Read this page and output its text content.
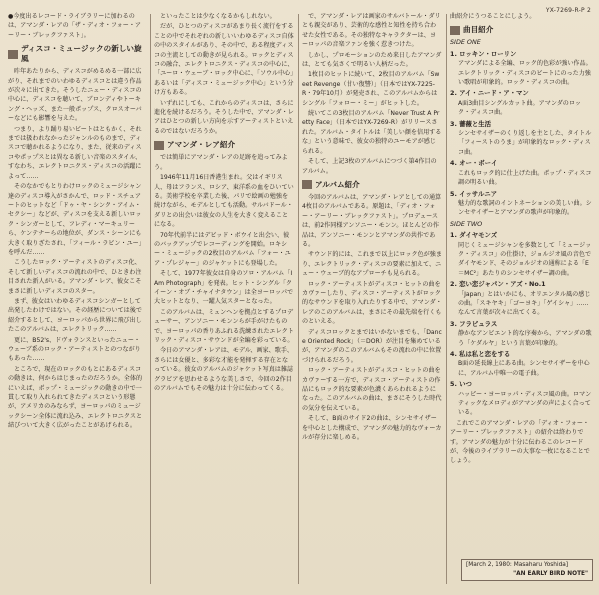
YX-7269-R-P 2

●今度出るレコード・ライブラリーに加わるのは、アマンダ・レアの「ザ・ディオ・フォー・アーリー・ブレックファスト」。

ディスコ・ミュージックの新しい旋風

昨年あたりから、ディスコがめるめる一部に広がり、それまでのいわゆるディスコとは違う作品が次々に出てきた。そうしたニュー・ディスコの中心に、ディスコを聴いて、ブロンディやトーキング・ヘッズ、また一般ポップス、クロスオーバーなどにも影響を与えた。

つまり、より踊り易いビートはともかく、それまでは扱われなかったジャンルのものまで、ディスコで聴かれるようになり、また、従来のディスコやポップスとは異なる新しい音楽のスタイル、すなわち、エレクトロニクス・ディスコの活躍によって……

そのなかでもとりわけロックのミュージシャン達のディスコ導入がさかんで、ロッド・スチュアートのヒットなど「ドゥ・ヤ・シンク・アイム・セクシー」などが、ディスコを支える新しいロック・シンガーとして、フレディ・マーキュリーら、ケンテナーらの地位が、ダンス・シーンにも大きく取りざたされ、「フィール・ラビン・ユー」を呼んだ……

こうしたロック・アーティストのディスコ化、そして新しいディスコの流れの中で、ひときわ注目された新人がいる。アマンダ・レア、彼女こそまさに新しいディスコのスター。

まず、彼女はいわゆるディスコシンガーとして出発したわけではない。その経歴については後で紹介するとして、ヨーロッパから世界に飛び出したこのアルバムは、エレクトリック……

更に、B52's、ドヴォランスといったニュー・ウェーブ系のロック・アーティストとのつながりもあった……

ところで、現在のロックのもとにあるディスコの動きは、何からはじまったのだろうか。全体的にいえば、ポップ・ミュージックの動きの中で一貫して取り入れられてきたディスコという形態が、アメリカのみならず、ヨーロッパのミュージックシーン全体に流れ込み、エレクトロニクスと結びついて大きく広がったことがあげられる。

といったことは少なくなるかもしれない。

だが、ひとつのディスコがあまり長く流行をすることの中でそれぞれの新しいいわゆるディスコ自体の中のスタイルがあり、その中で、ある程度ディスコの主流としての動きが見られる。ロックとディスコの融合、エレクトロニクス・ディスコの中心に、「ユーロ・ウェーブ・ロック中心に、「ソウル中心」あるいは「ディスコ・ミュージック中心」という分け方もある。

いずれにしても、これからのディスコは、さらに進化を続けるだろう。そうした中で、アマンダ・レアはひとつの新しい方向を示すアーティストといえるのではないだろうか。

アマンダ・レア紹介

では簡単にアマンダ・レアの足跡を追ってみよう。

1946年11月16日香港生まれ。父はイギリス人、母はフランス、ロシア、東洋系の血をひいている。美術学校を卒業した後、パリで絵画の勉強を続けながら、モデルとしても活動。サルバドール・ダリとの出会いは彼女の人生を大きく変えることになる。

70年代前半にはデビッド・ボウイと出会い、彼のバックアップでレコーディングを開始。ロキシー・ミュージックの2枚目のアルバム「フォー・ユア・プレジャー」のジャケットにも登場した。

そして、1977年彼女は自身のソロ・アルバム「I Am Photograph」を発表。ヒット・シングル「クイーン・オブ・チャイナタウン」は全ヨーロッパで大ヒットとなり、一躍人気スターとなった。

このアルバムは、ミュンヘンを拠点とするプロデューサー、アンソニー・モンンらが手がけたもので、ヨーロッパの香りあふれる洗練されたエレクトリック・ディスコ・サウンドが全編を彩っている。

今日のアマンダ・レアは、モデル、画家、歌手、さらには女優と、多彩な才能を発揮する存在となっている。彼女のアルバムのジャケット写真は雑誌グラビアを思わせるような美しさで、今回の2作目のアルバムでもその魅力は十分に伝わってくる。

で、アマンダ・レアは画家のサルバトール・ダリとも親交があり、芸術的な感性と知性を持ち合わせた女性である。その独特なキャラクターは、ヨーロッパの音楽ファンを強く惹きつけた。

しかし、プロモーションのため来日したアマンダは、とても気さくで明るい人柄だった。

1枚目のヒットに続いて、2枚目のアルバム「Sweet Revenge（甘い復讐）」（日本ではYX-7225-R・79年10月）が発売され、このアルバムからはシングル「フォロー・ミー」がヒットした。

続いてこの3枚目のアルバム「Never Trust A Pretty Face」（日本ではYX-7269-R）がリリースされた。アルバム・タイトルは「美しい顔を信用するな」という意味で、彼女の独特のユーモアが感じられる。

そして、上記3枚のアルバムにつづく第4作目のアルバム。

アルバム紹介

今回のアルバムは、アマンダ・レアとしての通算4枚目のアルバムである。原題は、「ディオ・フォー・アーリー・ブレックファスト」。プロデュースは、前2作同様アンソニー・モンン。ほとんどの作品は、アンソニー・モンンとアマンダの共作である。

サウンド的には、これまで以上にロック色が強まり、エレクトリック・ディスコの要素に加えて、ニュー・ウェーブ的なアプローチも見られる。

ロック・アーティストがディスコ・ヒットの曲をカヴァーしたり、ディスコ・アーティストがロック的なサウンドを取り入れたりする中で、アマンダ・レアのこのアルバムは、まさにその最先端を行くものといえる。

ディスコロックとまではいかないまでも、「Dance Oriented Rock」（＝DOR）が注目を集めているが、アマンダのこのアルバムもその流れの中に位置づけられるだろう。

ロック・アーティストがディスコ・ヒットの曲をカヴァーする一方で、ディスコ・アーティストの作品にもロック的な要素が色濃くあらわれるようになった。このアルバムの曲は、まさにそうした時代の気分を伝えている。

そして、B面のサイド2の曲は、シンセサイザーを中心とした構成で、アマンダの魅力的なヴォーカルが存分に楽しめる。

曲紹介にうつることにしよう。

曲目紹介
SIDE ONE
1. ロッキン・ローリン

アマンダによる全編、ロック的色彩が強い作品。エレクトリック・ディスコのビートにのった力強い歌唱が印象的。ロック・ディスコの曲。

2. アイ・ニード・ア・マン

A面3曲目シングルカット曲。アマンダのロック・ディスコ曲。

3. 薔薇と生活

シンセサイザーのくり返しを主とした、タイトル「フィーストのうま」が印象的なロック・ディスコ曲。

4. オー・ボーイ

これもロック的に仕上げた曲。ポップ・ディスコ調の明るい曲。

5. イッサルニア

魅力的な歌詞のイントネーションの美しい曲。シンセサイザーとアマンダの歌声が印象的。

SIDE TWO
1. ダイヤモンズ

同じくミュージシャンを多数として「ミュージック・ディスコ」の仕掛け、ジョルジオ風の音色でダイヤモンド、そのジョルジオの通称による「E＝MC²」あたりのシンセサイザー調の曲。

2. 恋い恋ジャパン・アズ・No.1

「Japan」とはいかにも、オリエンタル風の感じの曲。「スキヤキ」「ゴーヨキ」「ゲイシャ」……なんて言葉が次々に出てくる。

3. フラビュラス

静かなアンビエント的な序奏から、アマンダの歌う「ケダルヤ」という言葉が印象的。

4. 私は私と恋をする

B面の延長線上にある曲。シンセサイザーを中心に、アルバム中唯一の電子曲。

5. いつ

ハッピー・ヨーロッパ・ディスコ風の曲。ロマンティックなメロディがアマンダの声によく合っている。

これでこのアマンダ・レアの「ディオ・フォー・アーリー・ブレックファスト」の紹介は終わりです。アマンダの魅力が十分に伝わるこのレコードが、今後のライブラリーの大事な一枚になることでしょう。

[March 2, 1980: Masaharu Yoshida]
"AN EARLY BIRD NOTE"
